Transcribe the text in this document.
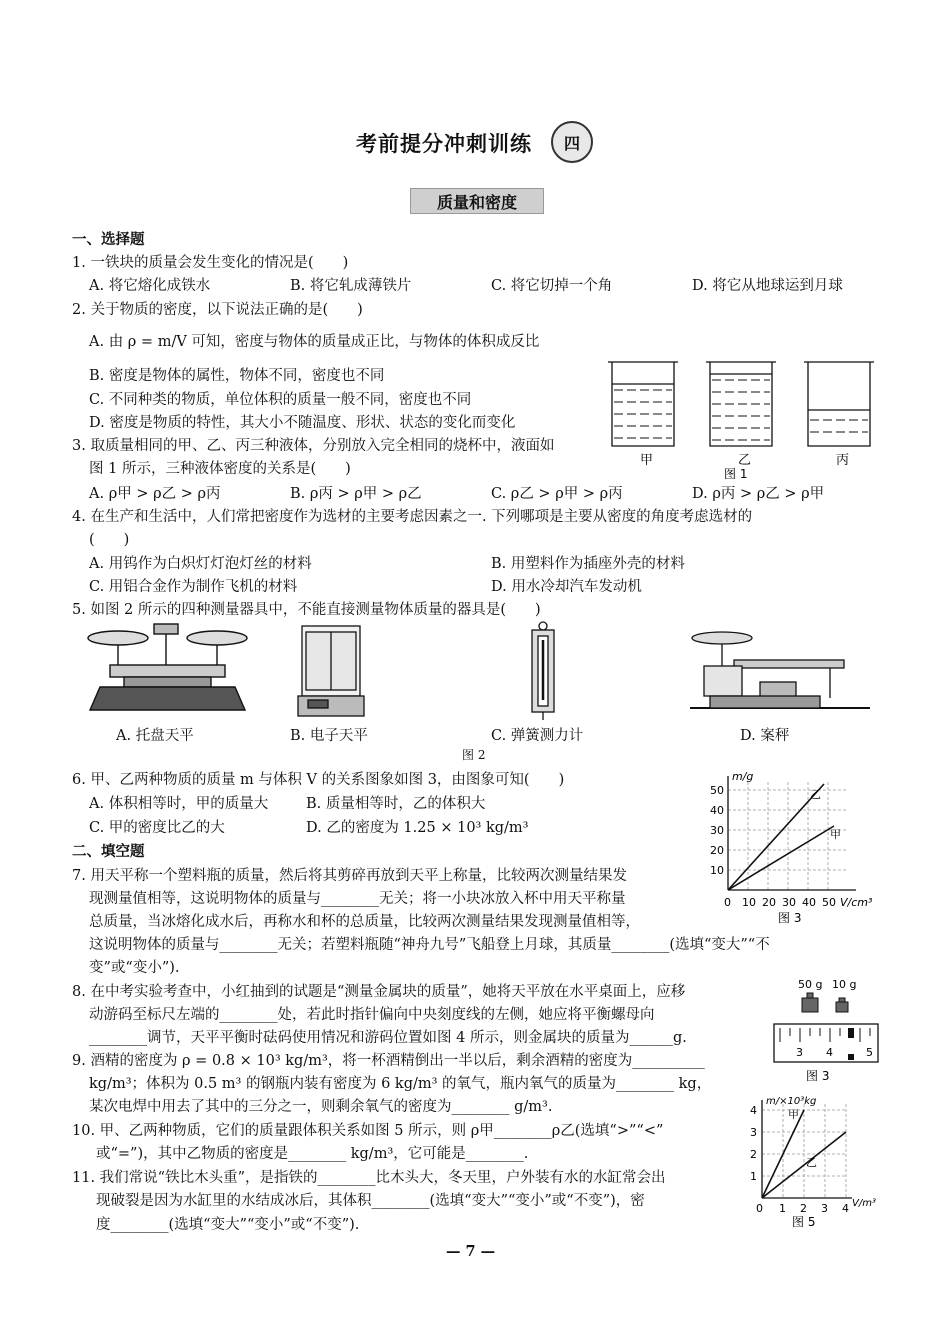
考前提分冲刺训练	四
质量和密度
一、选择题
1. 一铁块的质量会发生变化的情况是(　　)
A. 将它熔化成铁水	B. 将它轧成薄铁片	C. 将它切掉一个角	D. 将它从地球运到月球
2. 关于物质的密度，以下说法正确的是(　　)
A. 由 ρ = m/V 可知，密度与物体的质量成正比，与物体的体积成反比
B. 密度是物体的属性，物体不同，密度也不同
C. 不同种类的物质，单位体积的质量一般不同，密度也不同
D. 密度是物质的特性，其大小不随温度、形状、状态的变化而变化
3. 取质量相同的甲、乙、丙三种液体，分别放入完全相同的烧杯中，液面如
图 1 所示，三种液体密度的关系是(　　)
A. ρ甲 > ρ乙 > ρ丙	B. ρ丙 > ρ甲 > ρ乙	C. ρ乙 > ρ甲 > ρ丙	D. ρ丙 > ρ乙 > ρ甲
甲	乙	丙
图 1
4. 在生产和生活中，人们常把密度作为选材的主要考虑因素之一. 下列哪项是主要从密度的角度考虑选材的
(　　)
A. 用钨作为白炽灯灯泡灯丝的材料	B. 用塑料作为插座外壳的材料
C. 用铝合金作为制作飞机的材料	D. 用水冷却汽车发动机
5. 如图 2 所示的四种测量器具中，不能直接测量物体质量的器具是(　　)
A. 托盘天平	B. 电子天平	C. 弹簧测力计	D. 案秤
图 2
6. 甲、乙两种物质的质量 m 与体积 V 的关系图象如图 3，由图象可知(　　)
A. 体积相等时，甲的质量大	B. 质量相等时，乙的体积大
C. 甲的密度比乙的大	D. 乙的密度为 1.25 × 10³ kg/m³
m/g
50
40
30
20
10
0 10 20 30 40 50 V/cm³
乙
甲
图 3
二、填空题
7. 用天平称一个塑料瓶的质量，然后将其剪碎再放到天平上称量，比较两次测量结果发
现测量值相等，这说明物体的质量与________无关；将一小块冰放入杯中用天平称量
总质量，当冰熔化成水后，再称水和杯的总质量，比较两次测量结果发现测量值相等，
这说明物体的质量与________无关；若塑料瓶随“神舟九号”飞船登上月球，其质量________(选填“变大”“不
变”或“变小”).
8. 在中考实验考查中，小红抽到的试题是“测量金属块的质量”，她将天平放在水平桌面上，应移
动游码至标尺左端的________处，若此时指针偏向中央刻度线的左侧，她应将平衡螺母向
________调节，天平平衡时砝码使用情况和游码位置如图 4 所示，则金属块的质量为______g.
50 g 10 g
3 4	5
图 3
9. 酒精的密度为 ρ = 0.8 × 10³ kg/m³，将一杯酒精倒出一半以后，剩余酒精的密度为__________
kg/m³；体积为 0.5 m³ 的钢瓶内装有密度为 6 kg/m³ 的氧气，瓶内氧气的质量为________ kg，
某次电焊中用去了其中的三分之一，则剩余氧气的密度为________ g/m³.
10. 甲、乙两种物质，它们的质量跟体积关系如图 5 所示，则 ρ甲________ρ乙(选填“>”“<”
或“=”)，其中乙物质的密度是________ kg/m³，它可能是________.
m/×10³kg
4
3
2
1
0 1 2 3 4 V/m³
甲
乙
图 5
11. 我们常说“铁比木头重”，是指铁的________比木头大，冬天里，户外装有水的水缸常会出
现破裂是因为水缸里的水结成冰后，其体积________(选填“变大”“变小”或“不变”)，密
度________(选填“变大”“变小”或“不变”).
— 7 —
